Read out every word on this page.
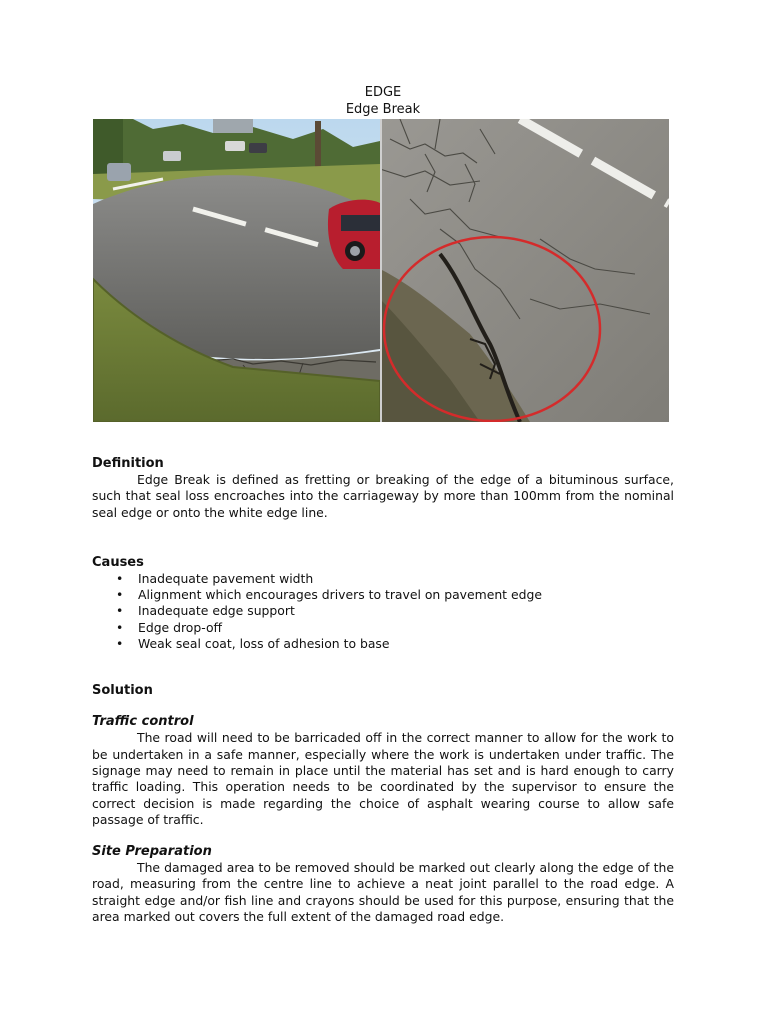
EDGE
Edge Break
Definition

Edge Break is defined as fretting or breaking of the edge of a bituminous surface, such that seal loss encroaches into the carriageway by more than 100mm from the nominal seal edge or onto the white edge line.

Causes
• Inadequate pavement width
• Alignment which encourages drivers to travel on pavement edge
• Inadequate edge support
• Edge drop-off
• Weak seal coat, loss of adhesion to base
Solution
Traffic control

The road will need to be barricaded off in the correct manner to allow for the work to be undertaken in a safe manner, especially where the work is undertaken under traffic. The signage may need to remain in place until the material has set and is hard enough to carry traffic loading. This operation needs to be coordinated by the supervisor to ensure the correct decision is made regarding the choice of asphalt wearing course to allow safe passage of traffic.

Site Preparation

The damaged area to be removed should be marked out clearly along the edge of the road, measuring from the centre line to achieve a neat joint parallel to the road edge. A straight edge and/or fish line and crayons should be used for this purpose, ensuring that the area marked out covers the full extent of the damaged road edge.
